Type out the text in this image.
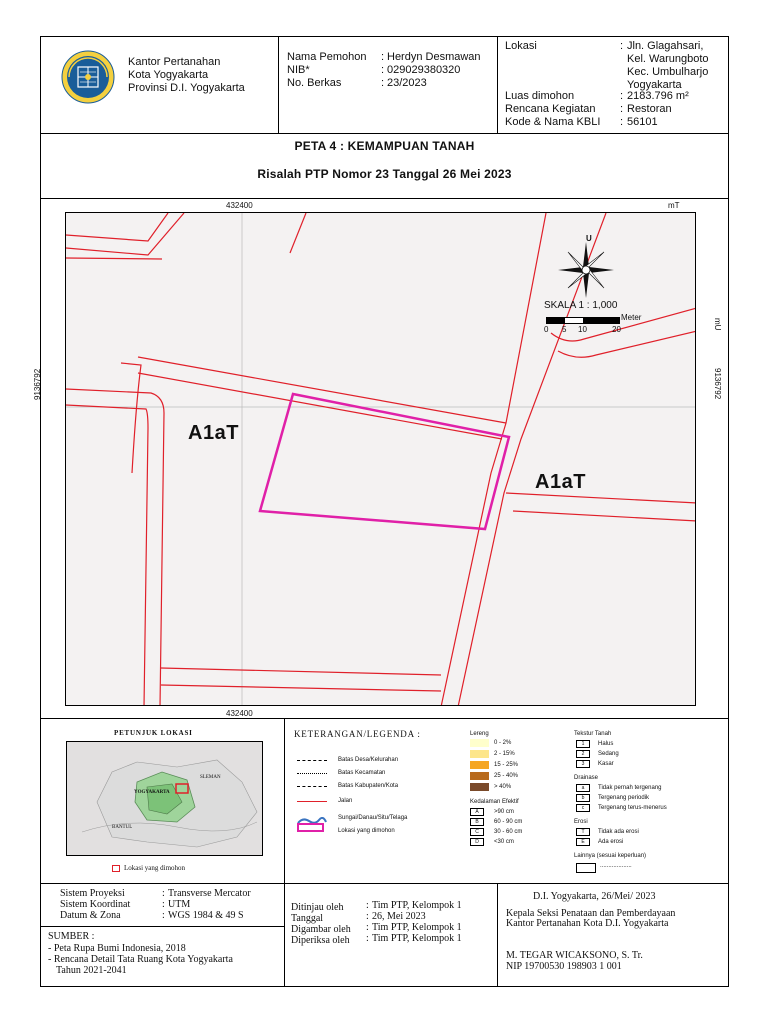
Kantor Pertanahan
Kota Yogyakarta
Provinsi D.I. Yogyakarta
Nama Pemohon : Herdyn Desmawan
NIB*	: 029029380320
No. Berkas	: 23/2023
Lokasi	: Jln. Glagahsari,
Kel. Warungboto
Kec. Umbulharjo
Yogyakarta
Luas dimohon	: 2183.796 m²
Rencana Kegiatan : Restoran
Kode & Nama KBLI : 56101
PETA 4 : KEMAMPUAN TANAH
Risalah PTP Nomor 23 Tanggal 26 Mei 2023
432400	mT
432400
9136792	9136792
mU
A1aT
A1aT
U
SKALA 1 : 1,000
Meter
0 5 10	20
PETUNJUK LOKASI
YOGYAKARTA
SLEMAN
BANTUL
Lokasi yang dimohon
KETERANGAN/LEGENDA :
Batas Desa/Kelurahan
Batas Kecamatan
Batas Kabupaten/Kota
Jalan
Sungai/Danau/Situ/Telaga
Lokasi yang dimohon
Lereng
0 - 2%
2 - 15%
15 - 25%
25 - 40%
> 40%
Kedalaman Efektif
A	>90 cm
B	60 - 90 cm
C	30 - 60 cm
D	<30 cm
Tekstur Tanah
1	Halus
2	Sedang
3	Kasar
Drainase
a	Tidak pernah tergenang
b	Tergenang periodik
c	Tergenang terus-menerus
Erosi
T	Tidak ada erosi
E	Ada erosi
Lainnya (sesuai keperluan)
...................
Sistem Proyeksi	: Transverse Mercator
Sistem Koordinat	: UTM
Datum & Zona	: WGS 1984 & 49 S
SUMBER :
- Peta Rupa Bumi Indonesia, 2018
- Rencana Detail Tata Ruang Kota Yogyakarta
Tahun 2021-2041
Ditinjau oleh : Tim PTP, Kelompok 1
Tanggal	: 26, Mei 2023
Digambar oleh : Tim PTP, Kelompok 1
Diperiksa oleh : Tim PTP, Kelompok 1
D.I. Yogyakarta, 26/Mei/ 2023
Kepala Seksi Penataan dan Pemberdayaan
Kantor Pertanahan Kota D.I. Yogyakarta
M. TEGAR WICAKSONO, S. Tr.
NIP 19700530 198903 1 001
